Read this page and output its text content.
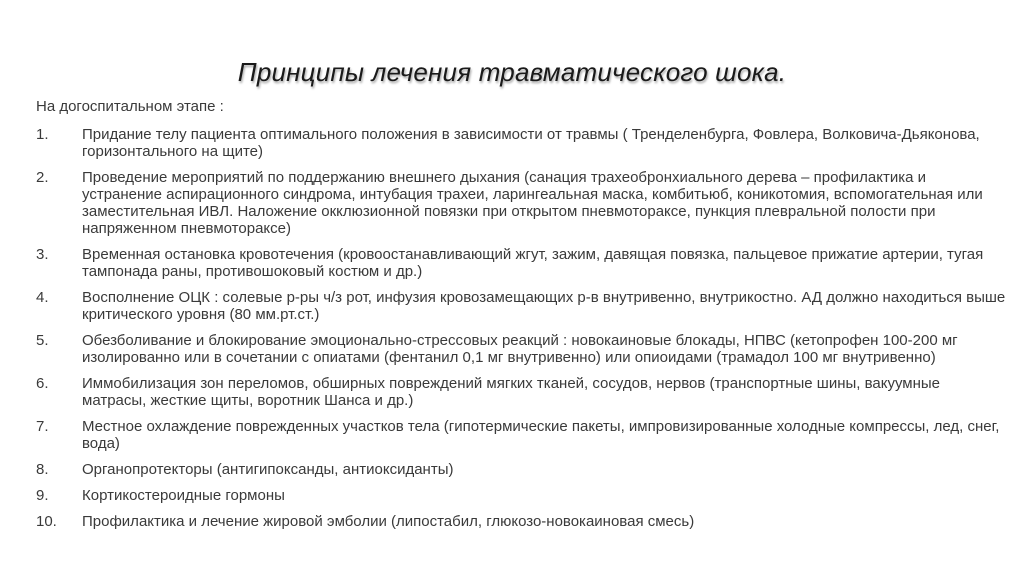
Принципы лечения травматического шока.
На догоспитальном этапе :
1.	Придание телу пациента оптимального положения в зависимости от травмы ( Тренделенбурга, Фовлера, Волковича-Дьяконова, горизонтального на щите)
2.	Проведение мероприятий по поддержанию внешнего дыхания (санация трахеобронхиального дерева – профилактика и устранение аспирационного синдрома, интубация трахеи, ларингеальная маска, комбитьюб, коникотомия, вспомогательная или заместительная ИВЛ. Наложение окклюзионной повязки при открытом пневмотораксе, пункция плевральной полости при напряженном пневмотораксе)
3.	Временная остановка кровотечения (кровоостанавливающий жгут, зажим, давящая повязка, пальцевое прижатие артерии, тугая тампонада раны, противошоковый костюм и др.)
4.	Восполнение ОЦК : солевые р-ры ч/з рот, инфузия кровозамещающих р-в внутривенно, внутрикостно. АД должно находиться выше критического уровня (80 мм.рт.ст.)
5.	Обезболивание и блокирование эмоционально-стрессовых реакций : новокаиновые блокады, НПВС (кетопрофен 100-200 мг изолированно или в сочетании с опиатами (фентанил 0,1 мг внутривенно) или опиоидами (трамадол 100 мг внутривенно)
6.	Иммобилизация зон переломов, обширных повреждений мягких тканей, сосудов, нервов (транспортные шины, вакуумные матрасы, жесткие щиты, воротник Шанса и др.)
7.	Местное охлаждение поврежденных участков тела (гипотермические пакеты, импровизированные холодные компрессы, лед, снег, вода)
8.	Органопротекторы (антигипоксанды, антиоксиданты)
9.	Кортикостероидные гормоны
10.	Профилактика и лечение жировой эмболии (липостабил, глюкозо-новокаиновая смесь)
